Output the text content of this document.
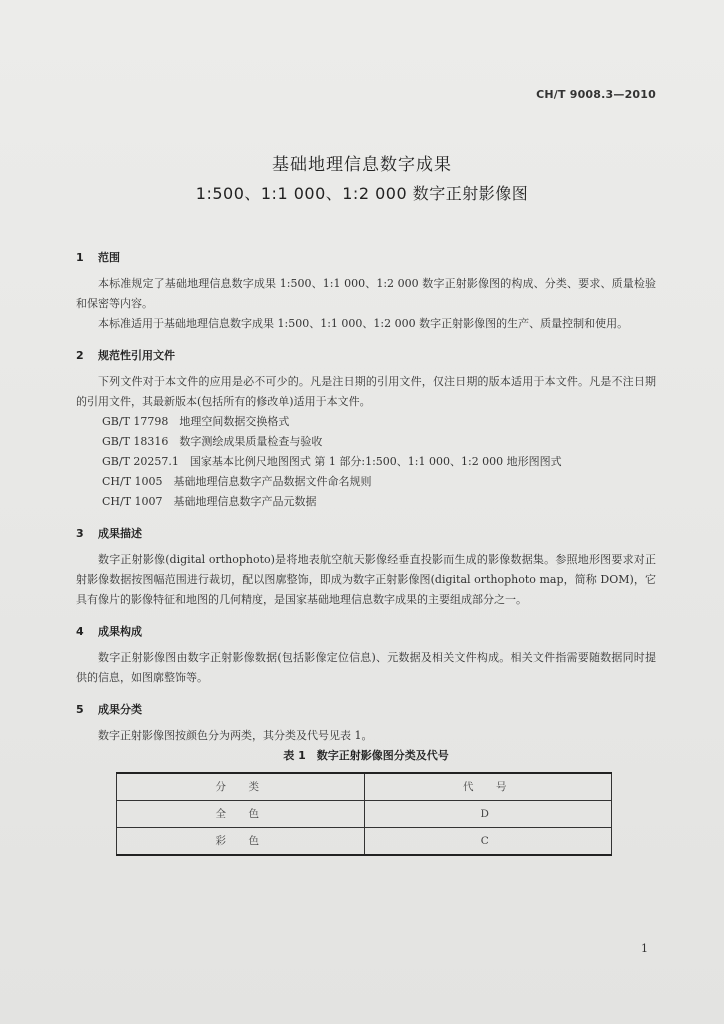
CH/T 9008.3—2010
基础地理信息数字成果
1:500、1:1 000、1:2 000 数字正射影像图
1 范围

本标准规定了基础地理信息数字成果 1:500、1:1 000、1:2 000 数字正射影像图的构成、分类、要求、质量检验和保密等内容。

本标准适用于基础地理信息数字成果 1:500、1:1 000、1:2 000 数字正射影像图的生产、质量控制和使用。

2 规范性引用文件

下列文件对于本文件的应用是必不可少的。凡是注日期的引用文件，仅注日期的版本适用于本文件。凡是不注日期的引用文件，其最新版本(包括所有的修改单)适用于本文件。

GB/T 17798　地理空间数据交换格式

GB/T 18316　数字测绘成果质量检查与验收

GB/T 20257.1　国家基本比例尺地图图式 第 1 部分:1:500、1:1 000、1:2 000 地形图图式

CH/T 1005　基础地理信息数字产品数据文件命名规则

CH/T 1007　基础地理信息数字产品元数据

3 成果描述

数字正射影像(digital orthophoto)是将地表航空航天影像经垂直投影而生成的影像数据集。参照地形图要求对正射影像数据按图幅范围进行裁切，配以图廓整饰，即成为数字正射影像图(digital orthophoto map，简称 DOM)，它具有像片的影像特征和地图的几何精度，是国家基础地理信息数字成果的主要组成部分之一。

4 成果构成

数字正射影像图由数字正射影像数据(包括影像定位信息)、元数据及相关文件构成。相关文件指需要随数据同时提供的信息，如图廓整饰等。

5 成果分类

数字正射影像图按颜色分为两类，其分类及代号见表 1。

表 1　数字正射影像图分类及代号
分　类	代　号
全　色	D
彩　色	C
1
